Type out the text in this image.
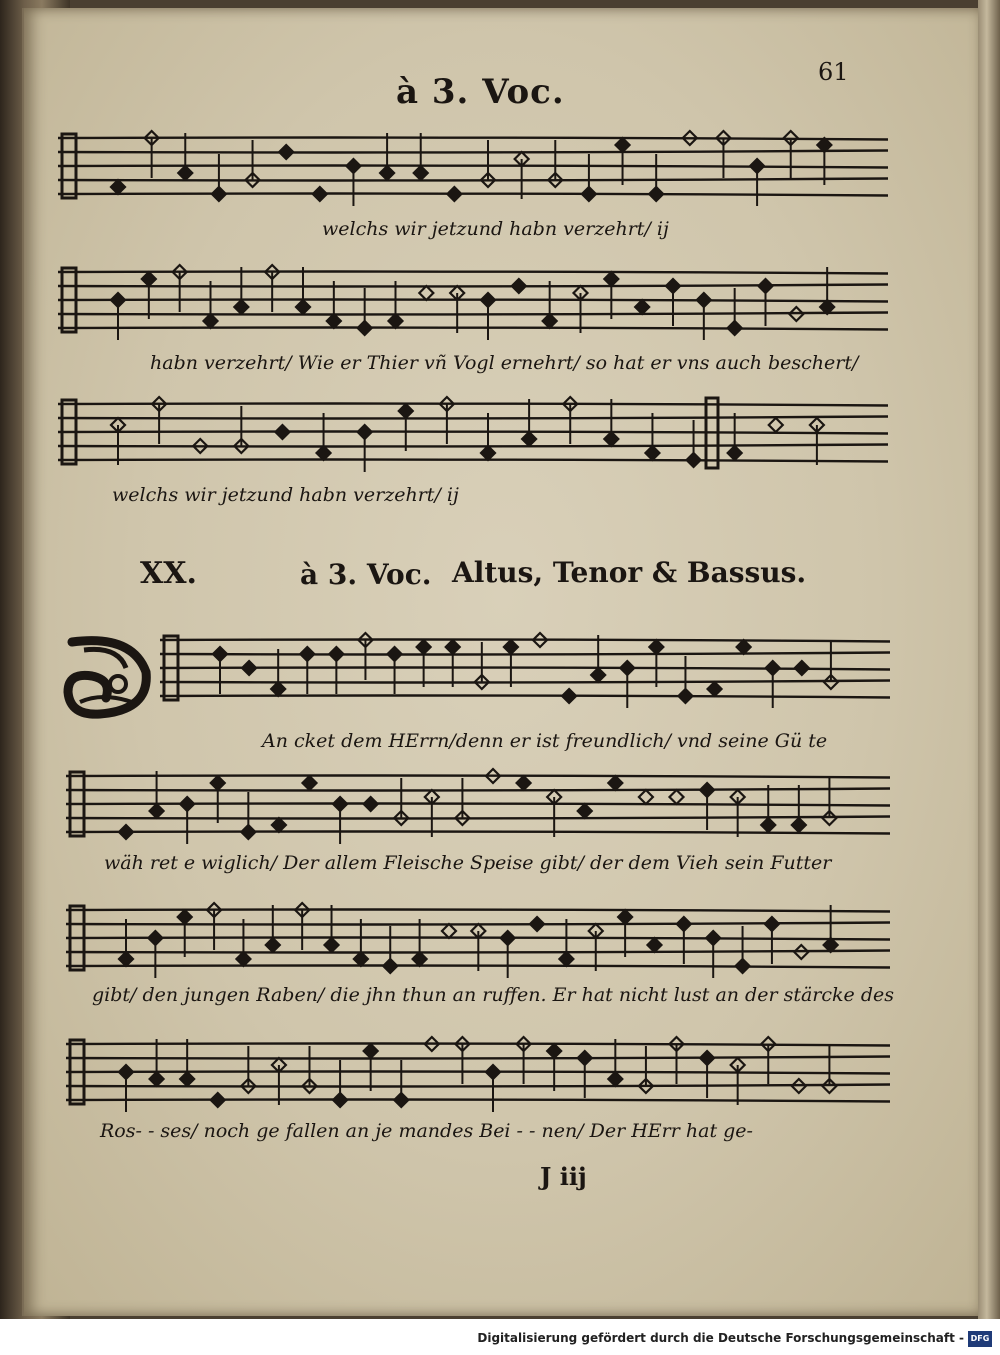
61
à 3. Voc.
welchs wir jetzund habn verzehrt/ ij
habn verzehrt/ Wie er Thier vñ Vogl ernehrt/ so hat er vns auch beschert/
welchs wir jetzund habn verzehrt/ ij
XX.	à 3. Voc. Altus, Tenor & Bassus.
An cket dem HErrn/denn er ist freundlich/ vnd seine Gü te
wäh ret e wiglich/ Der allem Fleische Speise gibt/ der dem Vieh sein Futter
gibt/ den jungen Raben/ die jhn thun an ruffen. Er hat nicht lust an der stärcke des
Ros- - ses/ noch ge fallen an je mandes Bei - - nen/ Der HErr hat ge-
J iij
Digitalisierung gefördert durch die Deutsche Forschungsgemeinschaft - DFG
